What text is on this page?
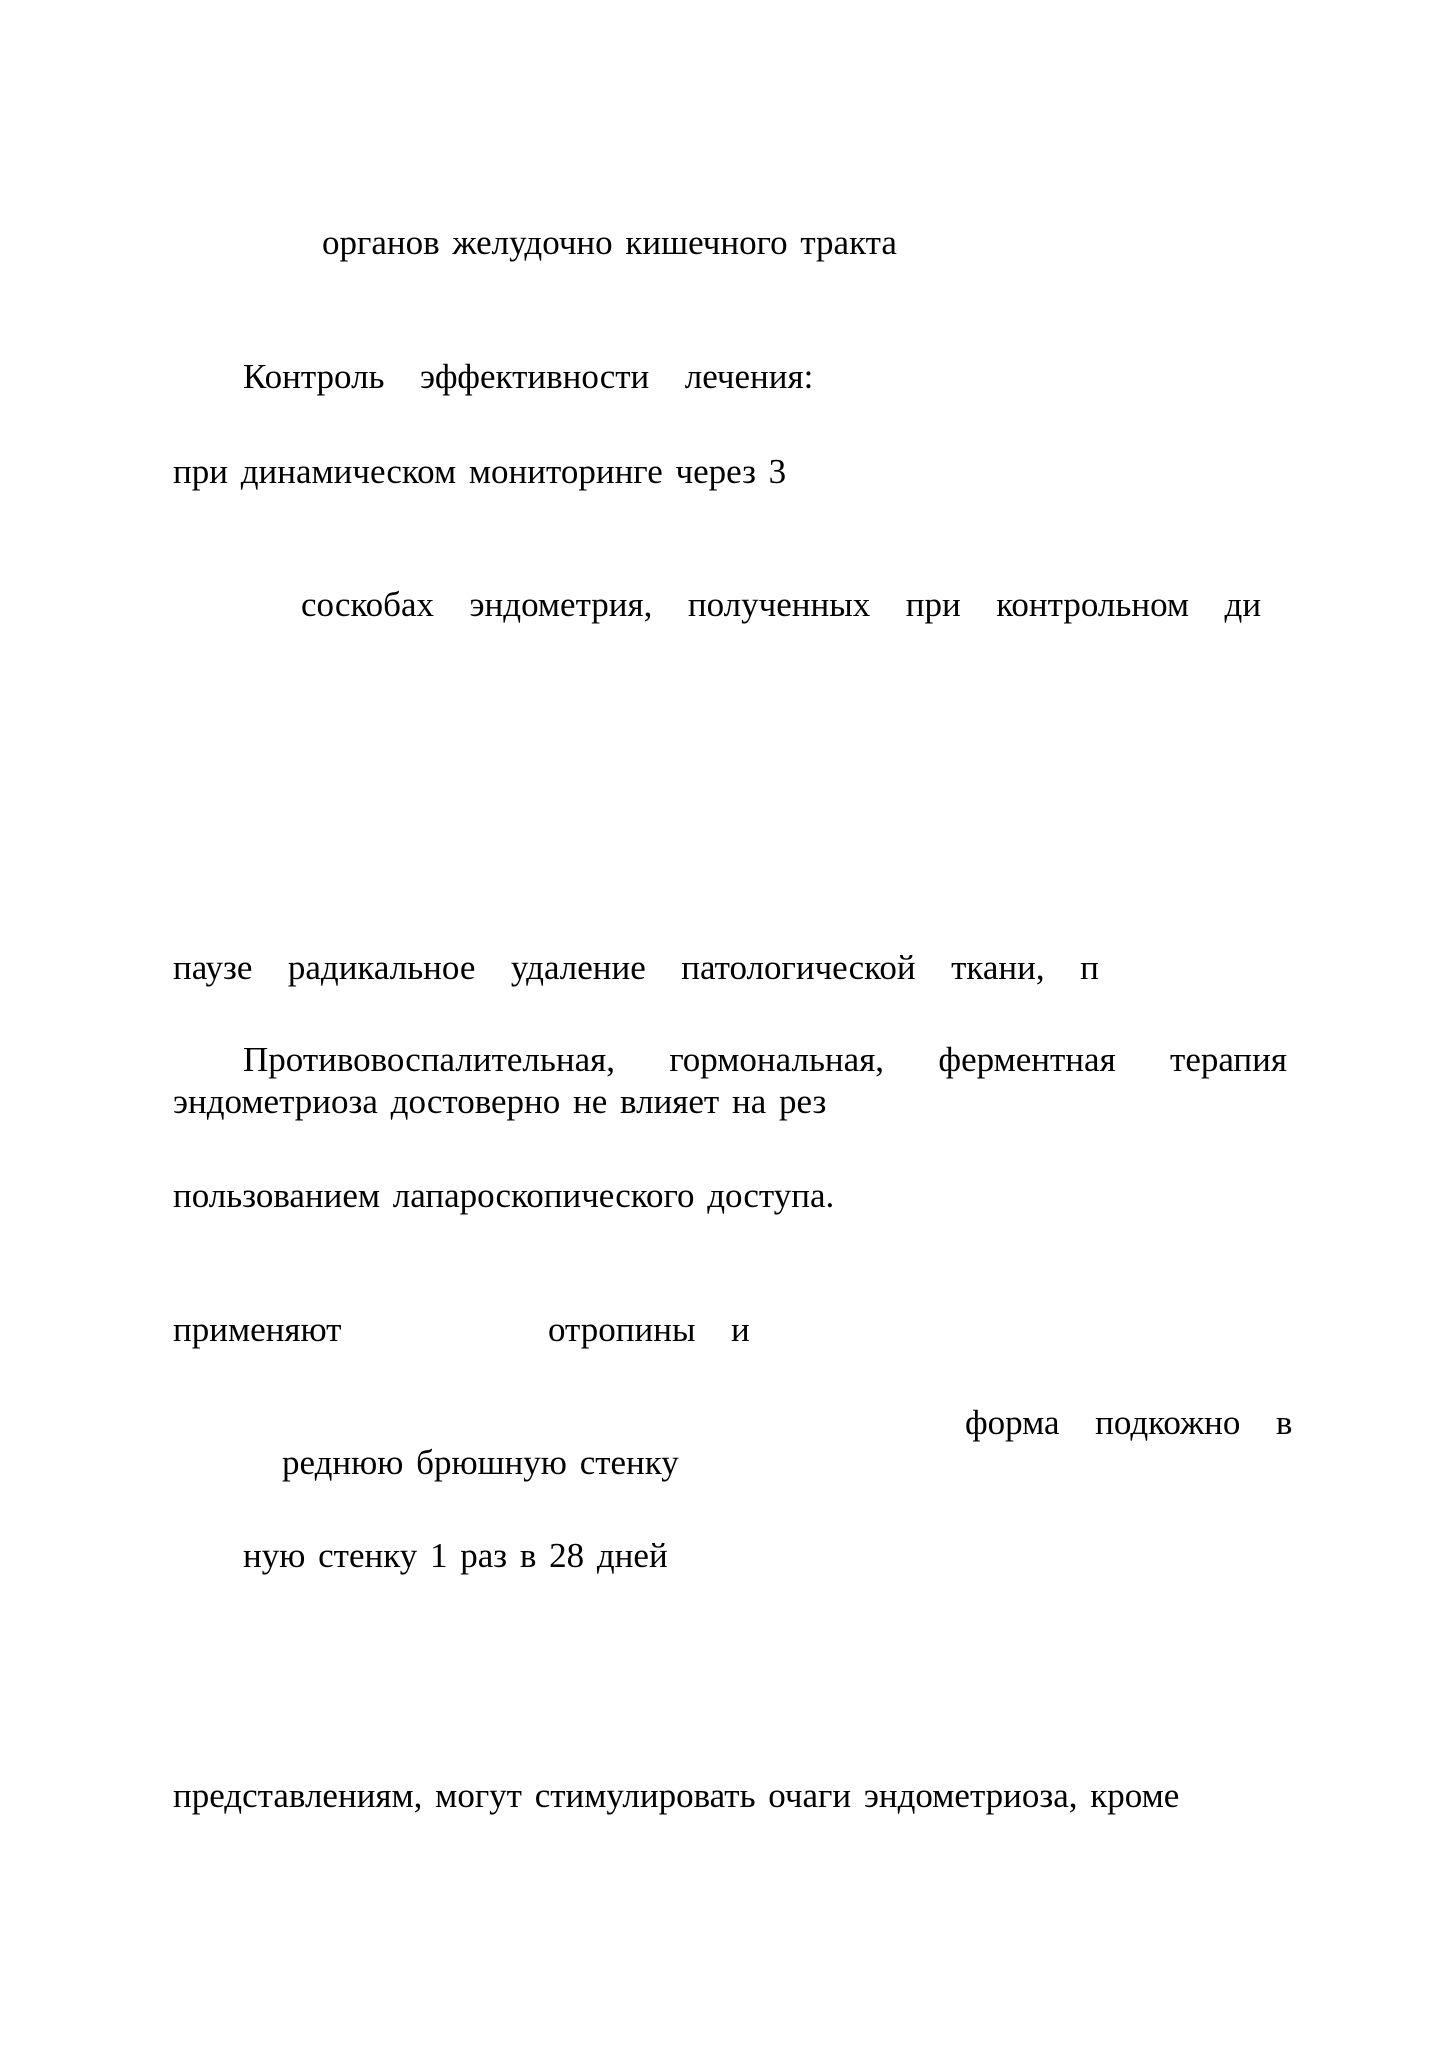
органов желудочно кишечного тракта

Контроль  эффективности  лечения:

при динамическом мониторинге через 3

соскобах  эндометрия,  полученных  при  контрольном  ди

паузе  радикальное  удаление  патологической  ткани,  п

Противовоспалительная,  гормональная,  ферментная  терапия

эндометриоза достоверно не влияет на рез

пользованием лапароскопического доступа.

применяют	отропины  и

форма  подкожно  в

реднюю брюшную стенку

ную стенку 1 раз в 28 дней

представлениям, могут стимулировать очаги эндометриоза, кроме
